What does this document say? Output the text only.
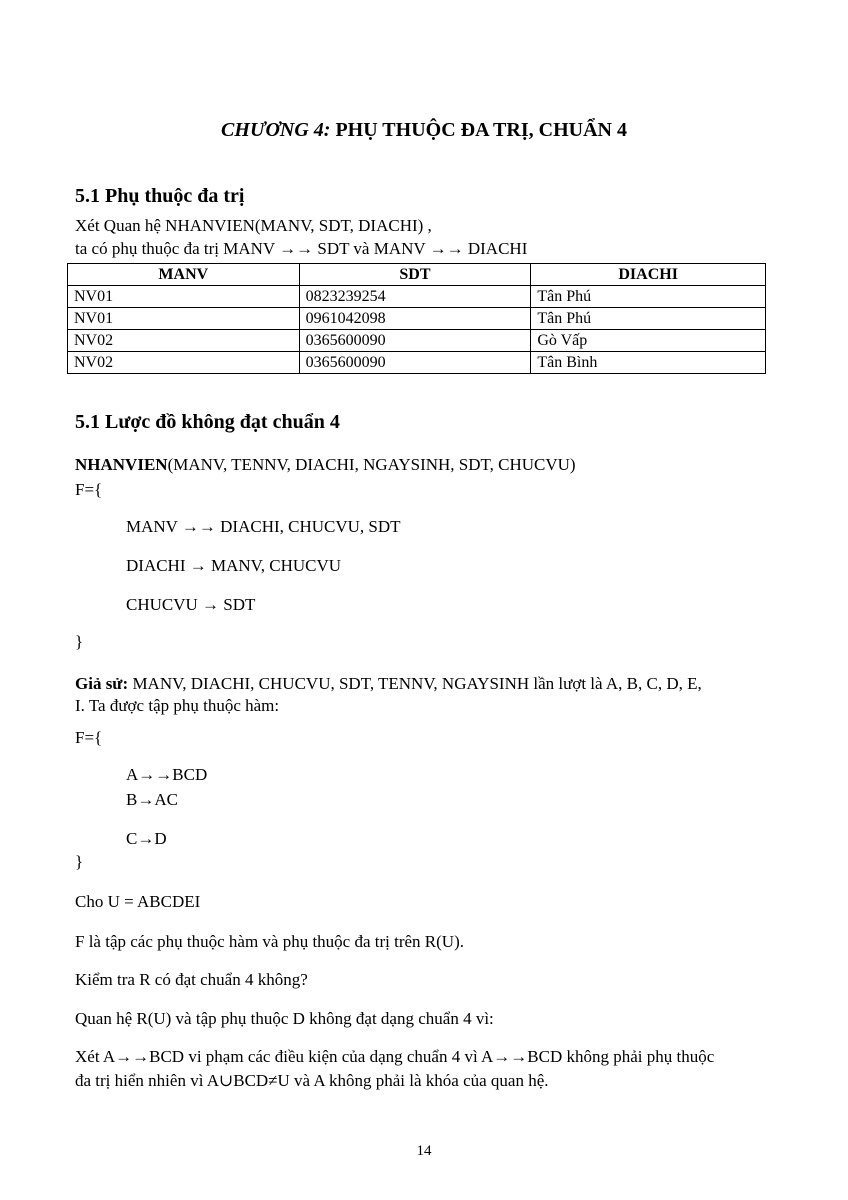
CHƯƠNG 4: PHỤ THUỘC ĐA TRỊ, CHUẨN 4
5.1 Phụ thuộc đa trị
Xét Quan hệ NHANVIEN(MANV, SDT, DIACHI) ,
ta có phụ thuộc đa trị MANV →→ SDT và MANV →→ DIACHI
MANV	SDT	DIACHI
NV01	0823239254	Tân Phú
NV01	0961042098	Tân Phú
NV02	0365600090	Gò Vấp
NV02	0365600090	Tân Bình
5.1 Lược đồ không đạt chuẩn 4
NHANVIEN(MANV, TENNV, DIACHI, NGAYSINH, SDT, CHUCVU)
F={
MANV →→ DIACHI, CHUCVU, SDT
DIACHI → MANV, CHUCVU
CHUCVU → SDT
}
Giả sử: MANV, DIACHI, CHUCVU, SDT, TENNV, NGAYSINH lần lượt là A, B, C, D, E,
I. Ta được tập phụ thuộc hàm:
F={
A→→BCD
B→AC
C→D
}
Cho U = ABCDEI
F là tập các phụ thuộc hàm và phụ thuộc đa trị trên R(U).
Kiểm tra R có đạt chuẩn 4 không?
Quan hệ R(U) và tập phụ thuộc D không đạt dạng chuẩn 4 vì:
Xét A→→BCD vi phạm các điều kiện của dạng chuẩn 4 vì A→→BCD không phải phụ thuộc
đa trị hiển nhiên vì A∪BCD≠U và A không phải là khóa của quan hệ.
14
